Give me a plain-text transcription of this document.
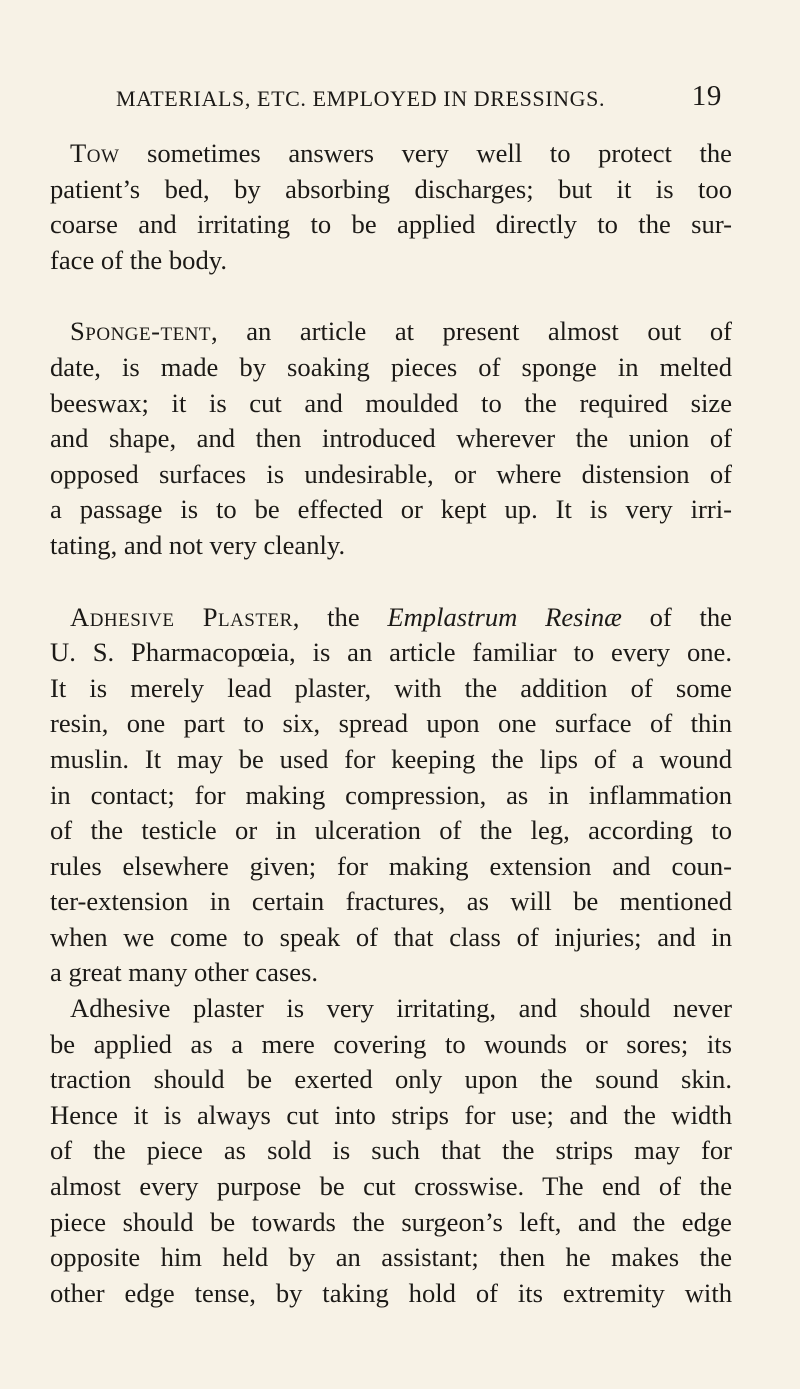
MATERIALS, ETC. EMPLOYED IN DRESSINGS.	19
Tow sometimes answers very well to protect the
patient’s bed, by absorbing discharges; but it is too
coarse and irritating to be applied directly to the sur-
face of the body.
Sponge-tent, an article at present almost out of
date, is made by soaking pieces of sponge in melted
beeswax; it is cut and moulded to the required size
and shape, and then introduced wherever the union of
opposed surfaces is undesirable, or where distension of
a passage is to be effected or kept up. It is very irri-
tating, and not very cleanly.
Adhesive Plaster, the Emplastrum Resinæ of the
U. S. Pharmacopœia, is an article familiar to every one.
It is merely lead plaster, with the addition of some
resin, one part to six, spread upon one surface of thin
muslin. It may be used for keeping the lips of a wound
in contact; for making compression, as in inflammation
of the testicle or in ulceration of the leg, according to
rules elsewhere given; for making extension and coun-
ter-extension in certain fractures, as will be mentioned
when we come to speak of that class of injuries; and in
a great many other cases.
Adhesive plaster is very irritating, and should never
be applied as a mere covering to wounds or sores; its
traction should be exerted only upon the sound skin.
Hence it is always cut into strips for use; and the width
of the piece as sold is such that the strips may for
almost every purpose be cut crosswise. The end of the
piece should be towards the surgeon’s left, and the edge
opposite him held by an assistant; then he makes the
other edge tense, by taking hold of its extremity with
